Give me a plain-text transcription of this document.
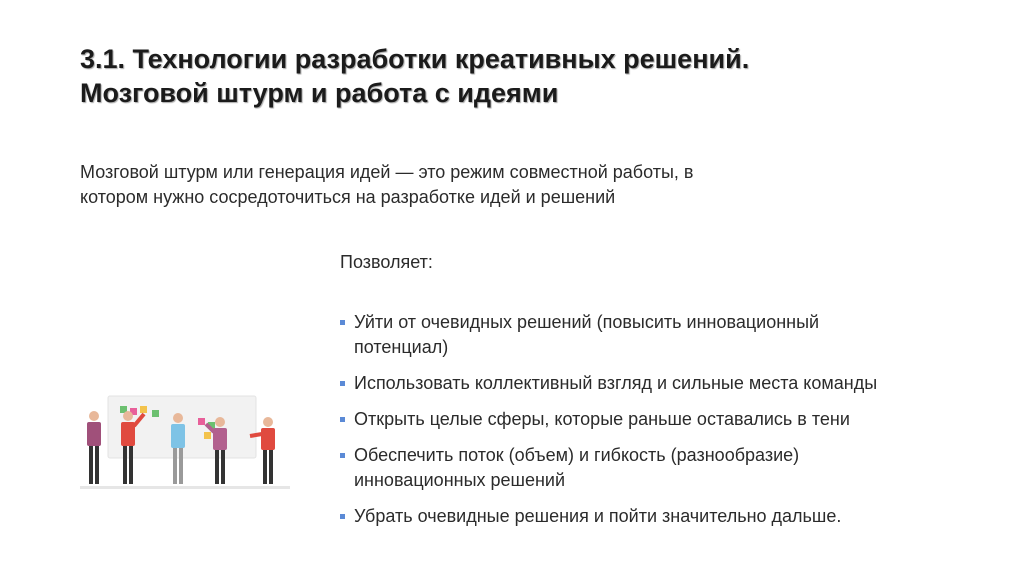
3.1. Технологии разработки креативных решений.
Мозговой штурм и работа с идеями

Мозговой штурм или генерация идей — это режим совместной работы, в
котором нужно сосредоточиться на разработке идей и решений

Позволяет:
Уйти от очевидных решений (повысить инновационный
потенциал)
Использовать коллективный взгляд и сильные места команды
Открыть целые сферы, которые раньше оставались в тени
Обеспечить поток (объем) и гибкость (разнообразие)
инновационных решений
Убрать очевидные решения и пойти значительно дальше.
